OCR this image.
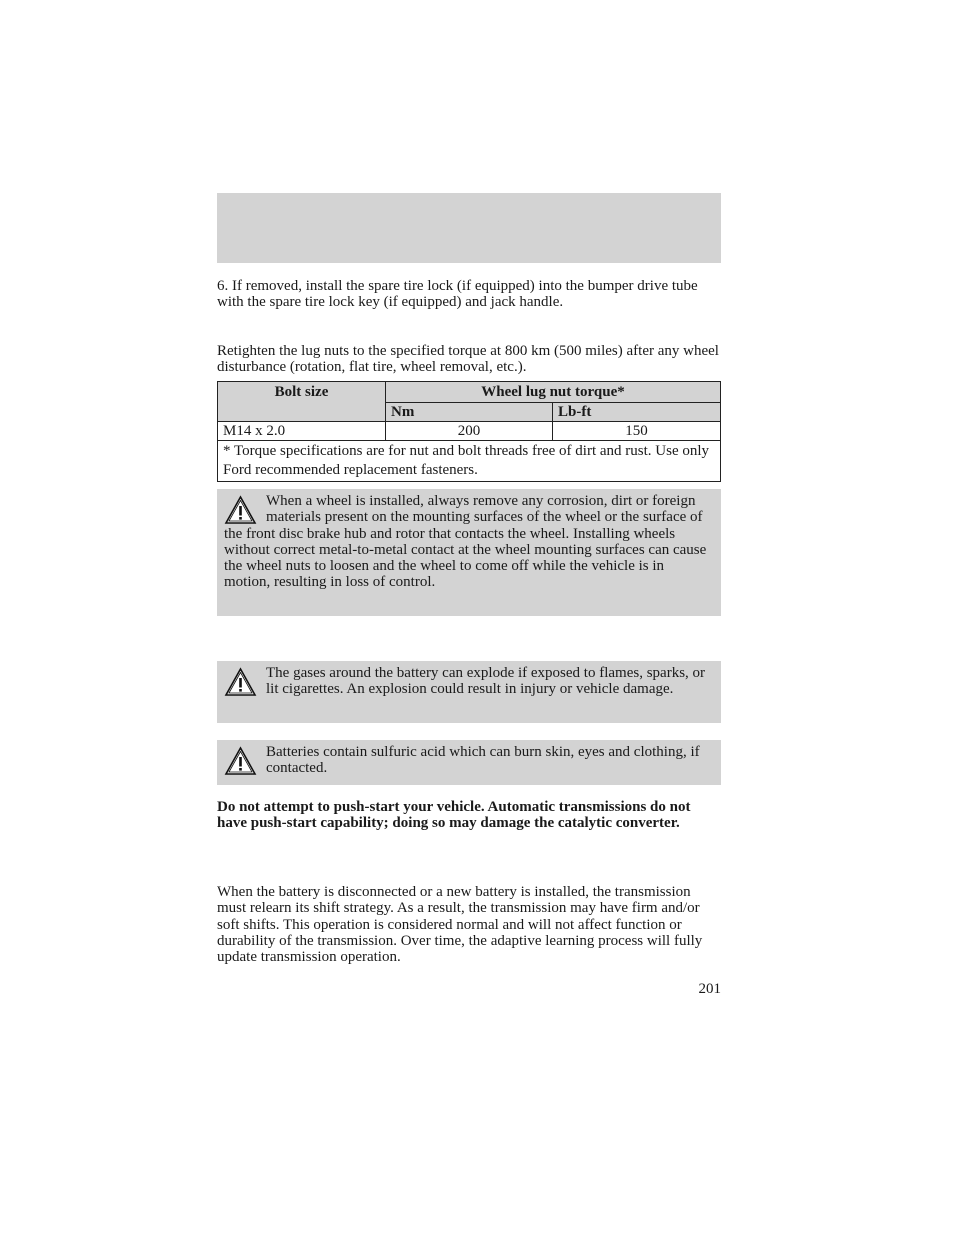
6. If removed, install the spare tire lock (if equipped) into the bumper drive tube with the spare tire lock key (if equipped) and jack handle.

Retighten the lug nuts to the specified torque at 800 km (500 miles) after any wheel disturbance (rotation, flat tire, wheel removal, etc.).

Bolt size	Wheel lug nut torque*	
	Nm	Lb-ft
M14 x 2.0	200	150
* Torque specifications are for nut and bolt threads free of dirt and rust. Use only Ford recommended replacement fasteners.		
When a wheel is installed, always remove any corrosion, dirt or foreign materials present on the mounting surfaces of the wheel or the surface of the front disc brake hub and rotor that contacts the wheel. Installing wheels without correct metal-to-metal contact at the wheel mounting surfaces can cause the wheel nuts to loosen and the wheel to come off while the vehicle is in motion, resulting in loss of control.
The gases around the battery can explode if exposed to flames, sparks, or lit cigarettes. An explosion could result in injury or vehicle damage.
Batteries contain sulfuric acid which can burn skin, eyes and clothing, if contacted.

Do not attempt to push-start your vehicle. Automatic transmissions do not have push-start capability; doing so may damage the catalytic converter.

When the battery is disconnected or a new battery is installed, the transmission must relearn its shift strategy. As a result, the transmission may have firm and/or soft shifts. This operation is considered normal and will not affect function or durability of the transmission. Over time, the adaptive learning process will fully update transmission operation.

201
